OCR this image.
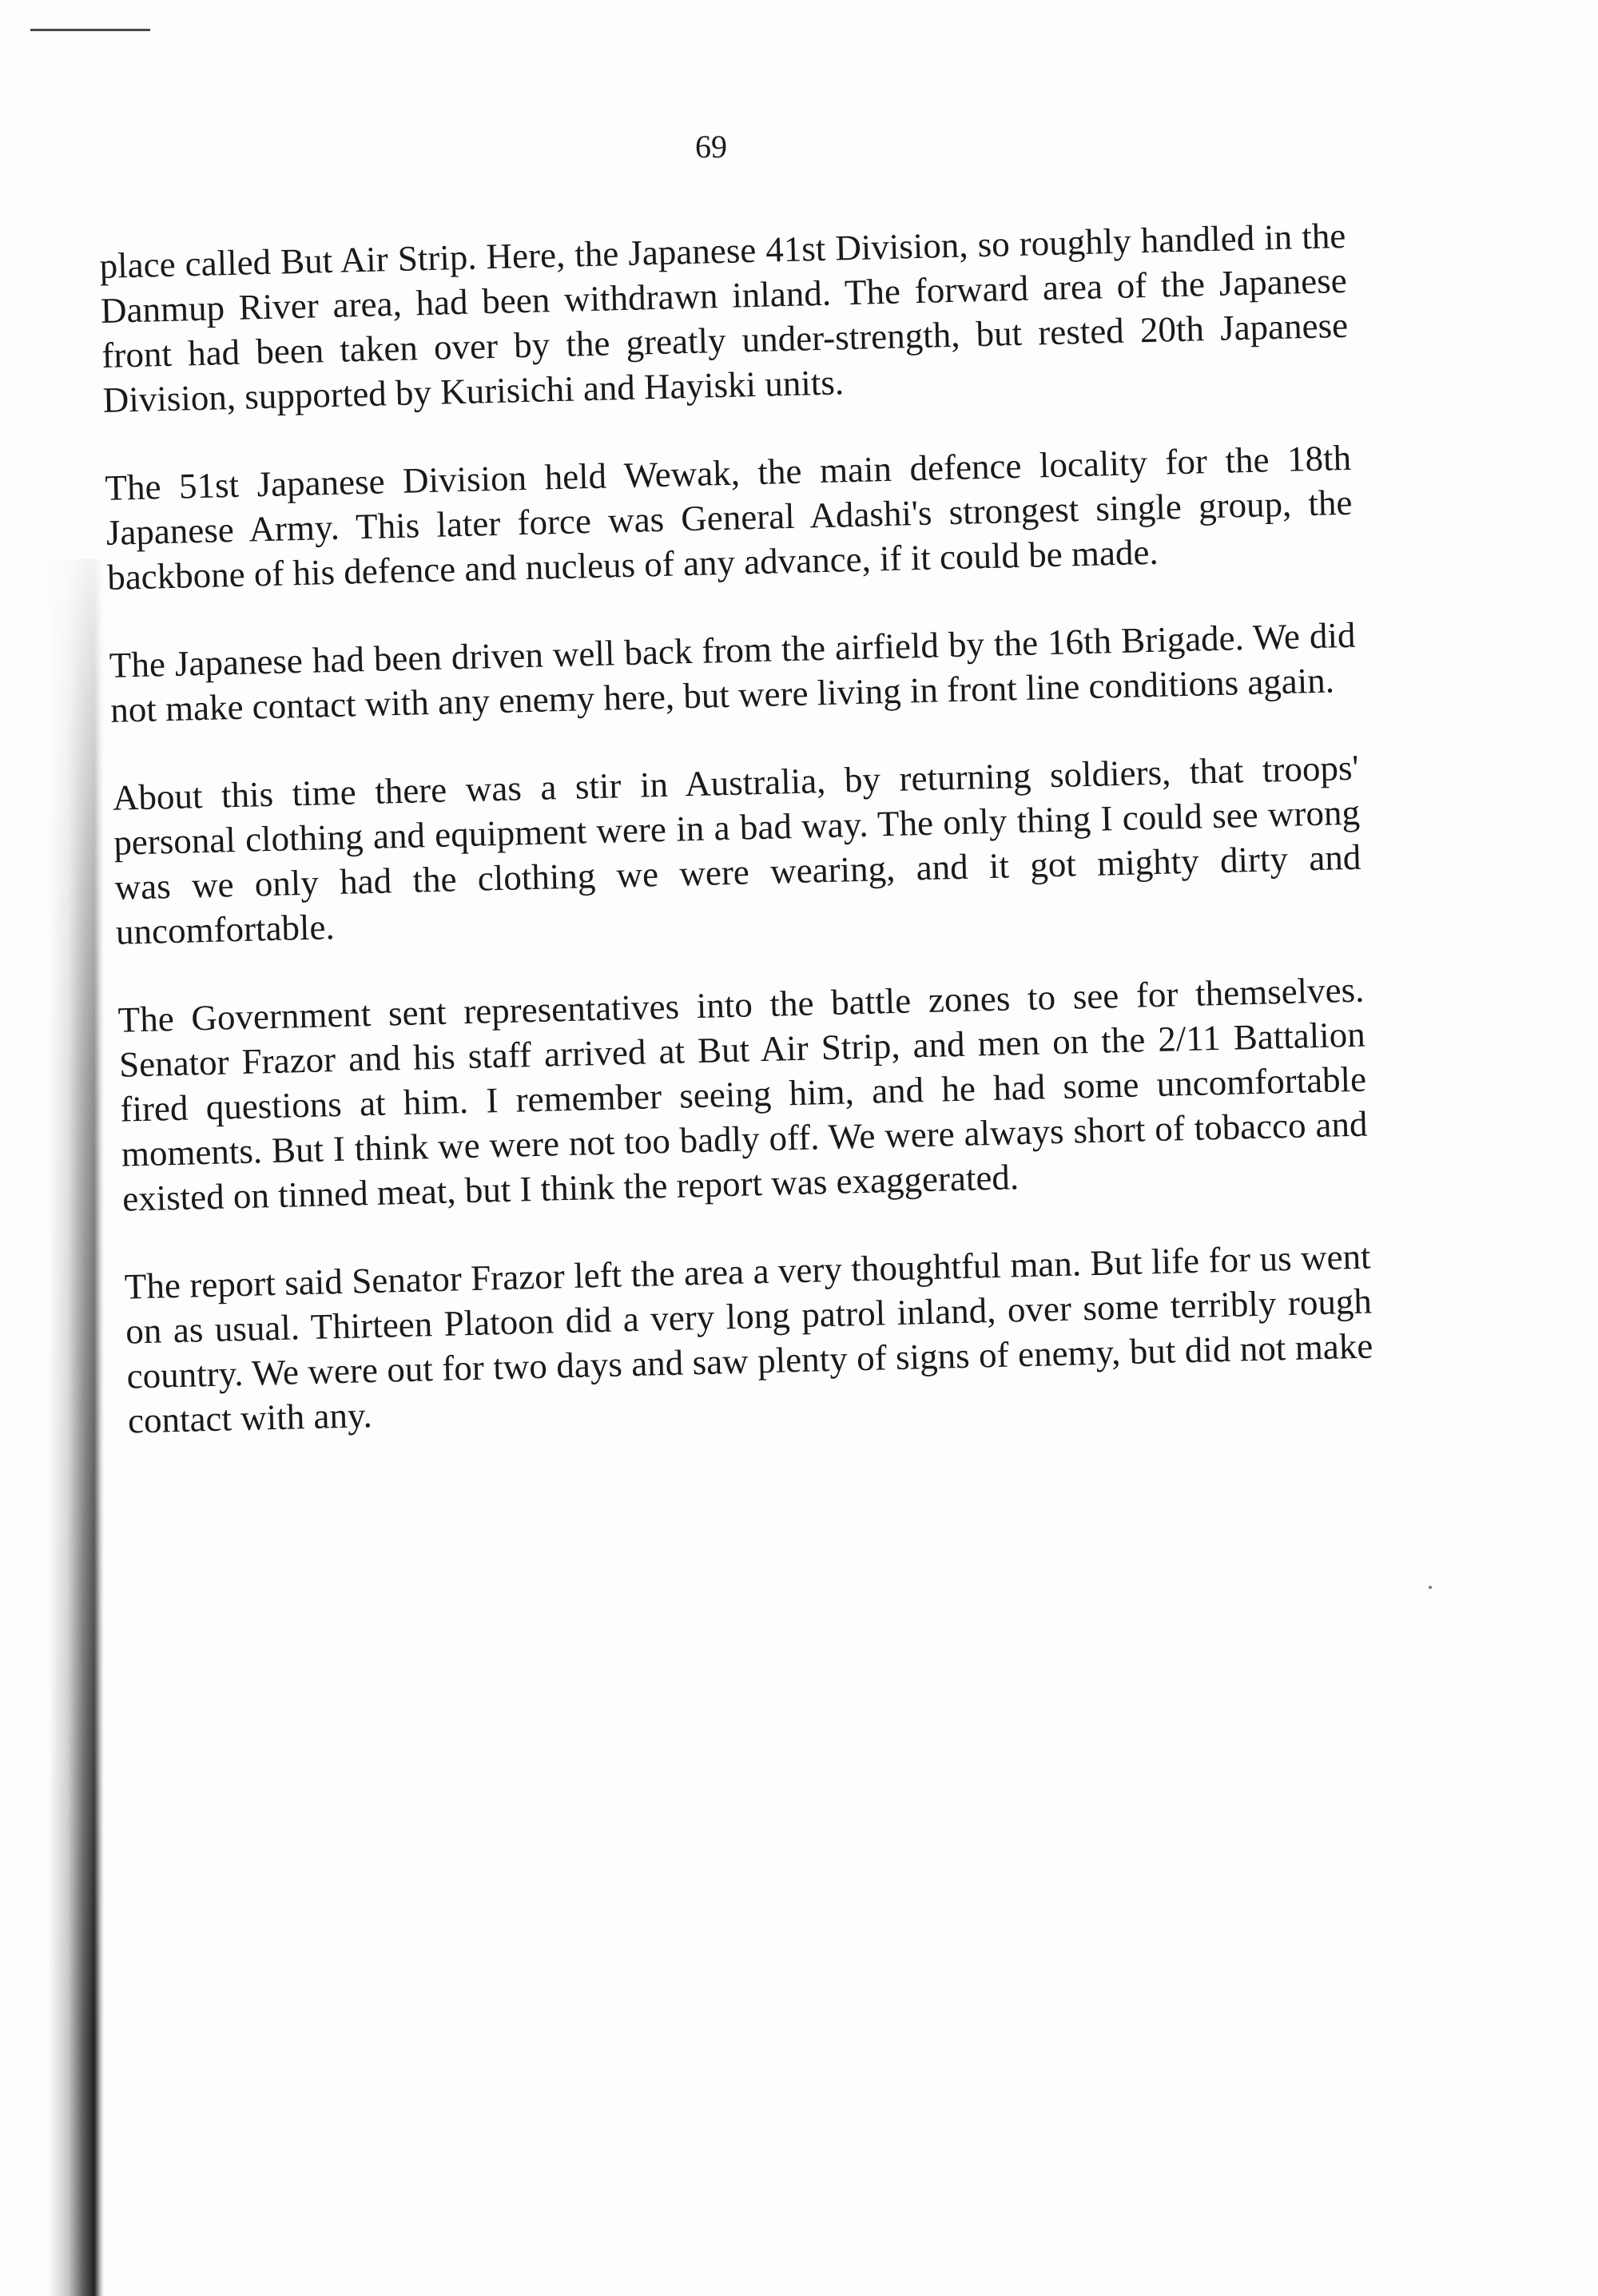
69

place called But Air Strip. Here, the Japanese 41st Division, so roughly handled in the Danmup River area, had been withdrawn inland. The forward area of the Japanese front had been taken over by the greatly under-strength, but rested 20th Japanese Division, supported by Kurisichi and Hayiski units.

The 51st Japanese Division held Wewak, the main defence locality for the 18th Japanese Army. This later force was General Adashi's strongest single group, the backbone of his defence and nucleus of any advance, if it could be made.

The Japanese had been driven well back from the airfield by the 16th Brigade. We did not make contact with any enemy here, but were living in front line conditions again.

About this time there was a stir in Australia, by returning soldiers, that troops' personal clothing and equipment were in a bad way. The only thing I could see wrong was we only had the clothing we were wearing, and it got mighty dirty and uncomfortable.

The Government sent representatives into the battle zones to see for themselves. Senator Frazor and his staff arrived at But Air Strip, and men on the 2/11 Battalion fired questions at him. I remember seeing him, and he had some uncomfortable moments. But I think we were not too badly off. We were always short of tobacco and existed on tinned meat, but I think the report was exaggerated.

The report said Senator Frazor left the area a very thoughtful man. But life for us went on as usual. Thirteen Platoon did a very long patrol inland, over some terribly rough country. We were out for two days and saw plenty of signs of enemy, but did not make contact with any.
